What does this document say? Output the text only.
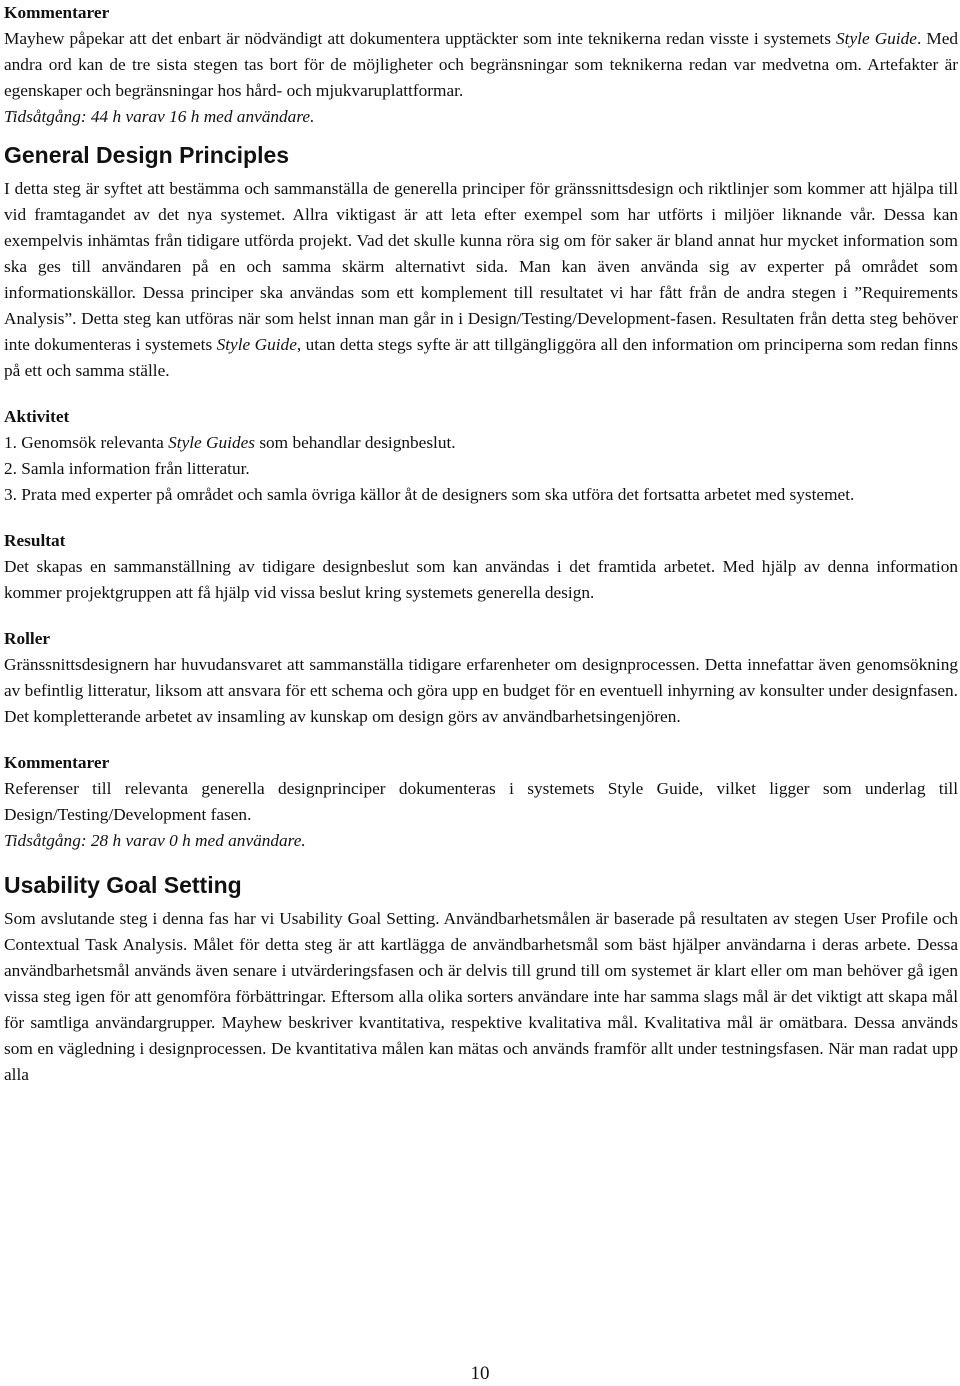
Kommentarer

Mayhew påpekar att det enbart är nödvändigt att dokumentera upptäckter som inte teknikerna redan visste i systemets Style Guide. Med andra ord kan de tre sista stegen tas bort för de möjligheter och begränsningar som teknikerna redan var medvetna om. Artefakter är egenskaper och begränsningar hos hård- och mjukvaruplattformar.

Tidsåtgång: 44 h varav 16 h med användare.

General Design Principles

I detta steg är syftet att bestämma och sammanställa de generella principer för gränssnittsdesign och riktlinjer som kommer att hjälpa till vid framtagandet av det nya systemet. Allra viktigast är att leta efter exempel som har utförts i miljöer liknande vår. Dessa kan exempelvis inhämtas från tidigare utförda projekt. Vad det skulle kunna röra sig om för saker är bland annat hur mycket information som ska ges till användaren på en och samma skärm alternativt sida. Man kan även använda sig av experter på området som informationskällor. Dessa principer ska användas som ett komplement till resultatet vi har fått från de andra stegen i ”Requirements Analysis”. Detta steg kan utföras när som helst innan man går in i Design/Testing/Development-fasen. Resultaten från detta steg behöver inte dokumenteras i systemets Style Guide, utan detta stegs syfte är att tillgängliggöra all den information om principerna som redan finns på ett och samma ställe.

Aktivitet

1. Genomsök relevanta Style Guides som behandlar designbeslut.

2. Samla information från litteratur.

3. Prata med experter på området och samla övriga källor åt de designers som ska utföra det fortsatta arbetet med systemet.

Resultat

Det skapas en sammanställning av tidigare designbeslut som kan användas i det framtida arbetet. Med hjälp av denna information kommer projektgruppen att få hjälp vid vissa beslut kring systemets generella design.

Roller

Gränssnittsdesignern har huvudansvaret att sammanställa tidigare erfarenheter om designprocessen. Detta innefattar även genomsökning av befintlig litteratur, liksom att ansvara för ett schema och göra upp en budget för en eventuell inhyrning av konsulter under designfasen. Det kompletterande arbetet av insamling av kunskap om design görs av användbarhetsingenjören.

Kommentarer

Referenser till relevanta generella designprinciper dokumenteras i systemets Style Guide, vilket ligger som underlag till Design/Testing/Development fasen.

Tidsåtgång: 28 h varav 0 h med användare.

Usability Goal Setting

Som avslutande steg i denna fas har vi Usability Goal Setting. Användbarhetsmålen är baserade på resultaten av stegen User Profile och Contextual Task Analysis. Målet för detta steg är att kartlägga de användbarhetsmål som bäst hjälper användarna i deras arbete. Dessa användbarhetsmål används även senare i utvärderingsfasen och är delvis till grund till om systemet är klart eller om man behöver gå igen vissa steg igen för att genomföra förbättringar. Eftersom alla olika sorters användare inte har samma slags mål är det viktigt att skapa mål för samtliga användargrupper. Mayhew beskriver kvantitativa, respektive kvalitativa mål. Kvalitativa mål är omätbara. Dessa används som en vägledning i designprocessen. De kvantitativa målen kan mätas och används framför allt under testningsfasen. När man radat upp alla

10
